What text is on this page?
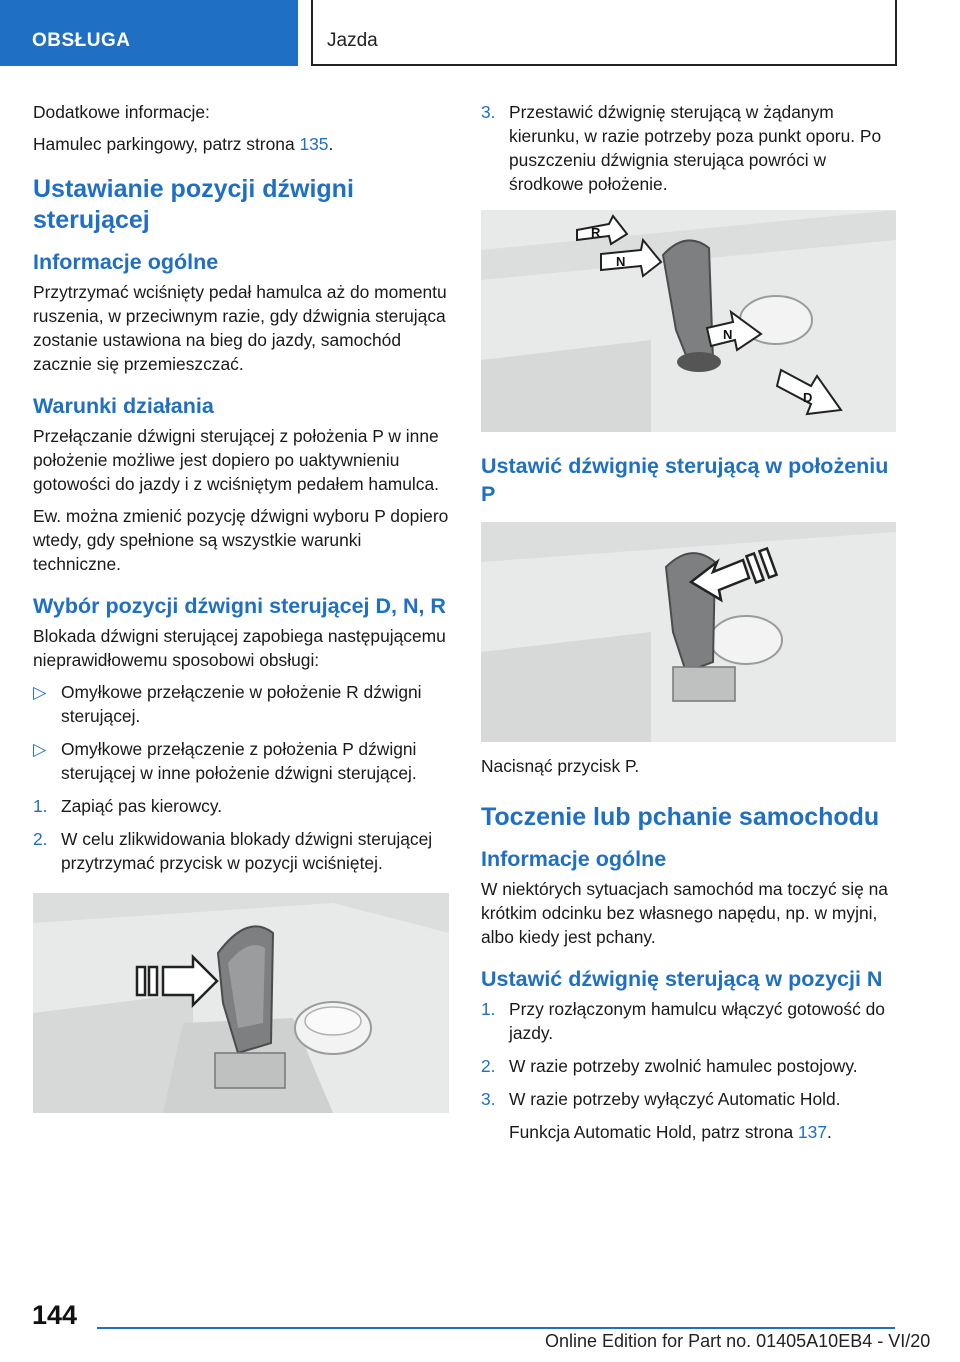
OBSŁUGA	Jazda

Dodatkowe informacje:

Hamulec parkingowy, patrz strona 135.

Ustawianie pozycji dźwigni sterującej
Informacje ogólne

Przytrzymać wciśnięty pedał hamulca aż do momentu ruszenia, w przeciwnym razie, gdy dźwignia sterująca zostanie ustawiona na bieg do jazdy, samochód zacznie się przemieszczać.

Warunki działania

Przełączanie dźwigni sterującej z położenia P w inne położenie możliwe jest dopiero po uaktywnieniu gotowości do jazdy i z wciśniętym pedałem hamulca.

Ew. można zmienić pozycję dźwigni wyboru P dopiero wtedy, gdy spełnione są wszystkie warunki techniczne.

Wybór pozycji dźwigni sterującej D, N, R

Blokada dźwigni sterującej zapobiega następującemu nieprawidłowemu sposobowi obsługi:

▷ Omyłkowe przełączenie w położenie R dźwigni sterującej.
▷ Omyłkowe przełączenie z położenia P dźwigni sterującej w inne położenie dźwigni sterującej.
1. Zapiąć pas kierowcy.
2. W celu zlikwidowania blokady dźwigni sterującej przytrzymać przycisk w pozycji wciśniętej.
3. Przestawić dźwignię sterującą w żądanym kierunku, w razie potrzeby poza punkt oporu. Po puszczeniu dźwignia sterująca powróci w środkowe położenie.
R
N
N
D
Ustawić dźwignię sterującą w położeniu P

Nacisnąć przycisk P.

Toczenie lub pchanie samochodu
Informacje ogólne

W niektórych sytuacjach samochód ma toczyć się na krótkim odcinku bez własnego napędu, np. w myjni, albo kiedy jest pchany.

Ustawić dźwignię sterującą w pozycji N
1. Przy rozłączonym hamulcu włączyć gotowość do jazdy.
2. W razie potrzeby zwolnić hamulec postojowy.
3. W razie potrzeby wyłączyć Automatic Hold.

Funkcja Automatic Hold, patrz strona 137.

144
Online Edition for Part no. 01405A10EB4 - VI/20
